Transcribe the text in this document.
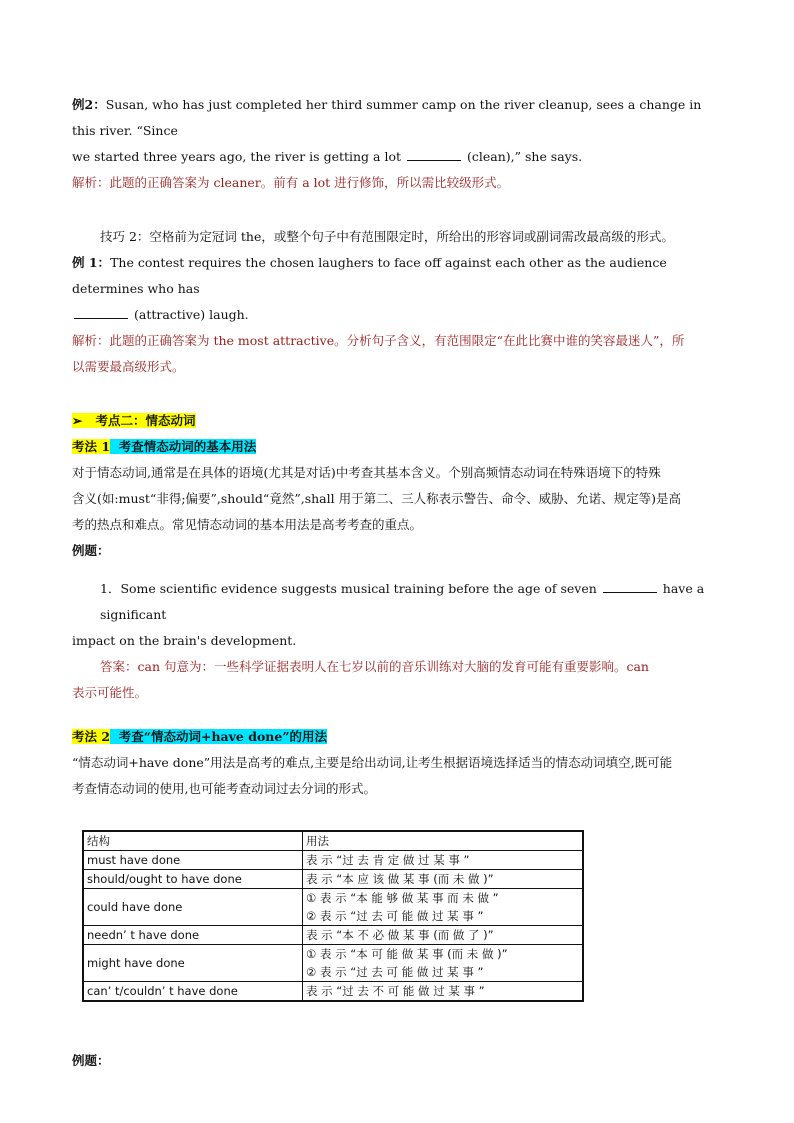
例2：Susan, who has just completed her third summer camp on the river cleanup, sees a change in this river. “Since

we started three years ago, the river is getting a lot	(clean),” she says.

解析：此题的正确答案为 cleaner。前有 a lot 进行修饰，所以需比较级形式。

技巧 2：空格前为定冠词 the，或整个句子中有范围限定时，所给出的形容词或副词需改最高级的形式。

例 1：The contest requires the chosen laughers to face off against each other as the audience determines who has

(attractive) laugh.

解析：此题的正确答案为 the most attractive。分析句子含义，有范围限定“在此比赛中谁的笑容最迷人”，所

以需要最高级形式。

➢ 考点二：情态动词

考法 1 考查情态动词的基本用法

对于情态动词,通常是在具体的语境(尤其是对话)中考查其基本含义。个别高频情态动词在特殊语境下的特殊

含义(如:must“非得;偏要”,should“竟然”,shall 用于第二、三人称表示警告、命令、威胁、允诺、规定等)是高

考的热点和难点。常见情态动词的基本用法是高考考查的重点。

例题：

1．Some scientific evidence suggests musical training before the age of seven	have a significant

impact on the brain's development.

答案：can 句意为：一些科学证据表明人在七岁以前的音乐训练对大脑的发育可能有重要影响。can

表示可能性。

考法 2 考查“情态动词+have done”的用法

“情态动词+have done”用法是高考的难点,主要是给出动词,让考生根据语境选择适当的情态动词填空,既可能

考查情态动词的使用,也可能考查动词过去分词的形式。

结构	用法
must have done	表 示 “过 去 肯 定 做 过 某 事 ”
should/ought to have done	表 示 “本 应 该 做 某 事 (而 未 做 )”
could have done	① 表 示 “本 能 够 做 某 事 而 未 做 ”
② 表 示 “过 去 可 能 做 过 某 事 ”

needn’ t have done	表 示 “本 不 必 做 某 事 (而 做 了 )”
might have done	① 表 示 “本 可 能 做 某 事 (而 未 做 )”
② 表 示 “过 去 可 能 做 过 某 事 ”

can’ t/couldn’ t have done	表 示 “过 去 不 可 能 做 过 某 事 ”

例题：
